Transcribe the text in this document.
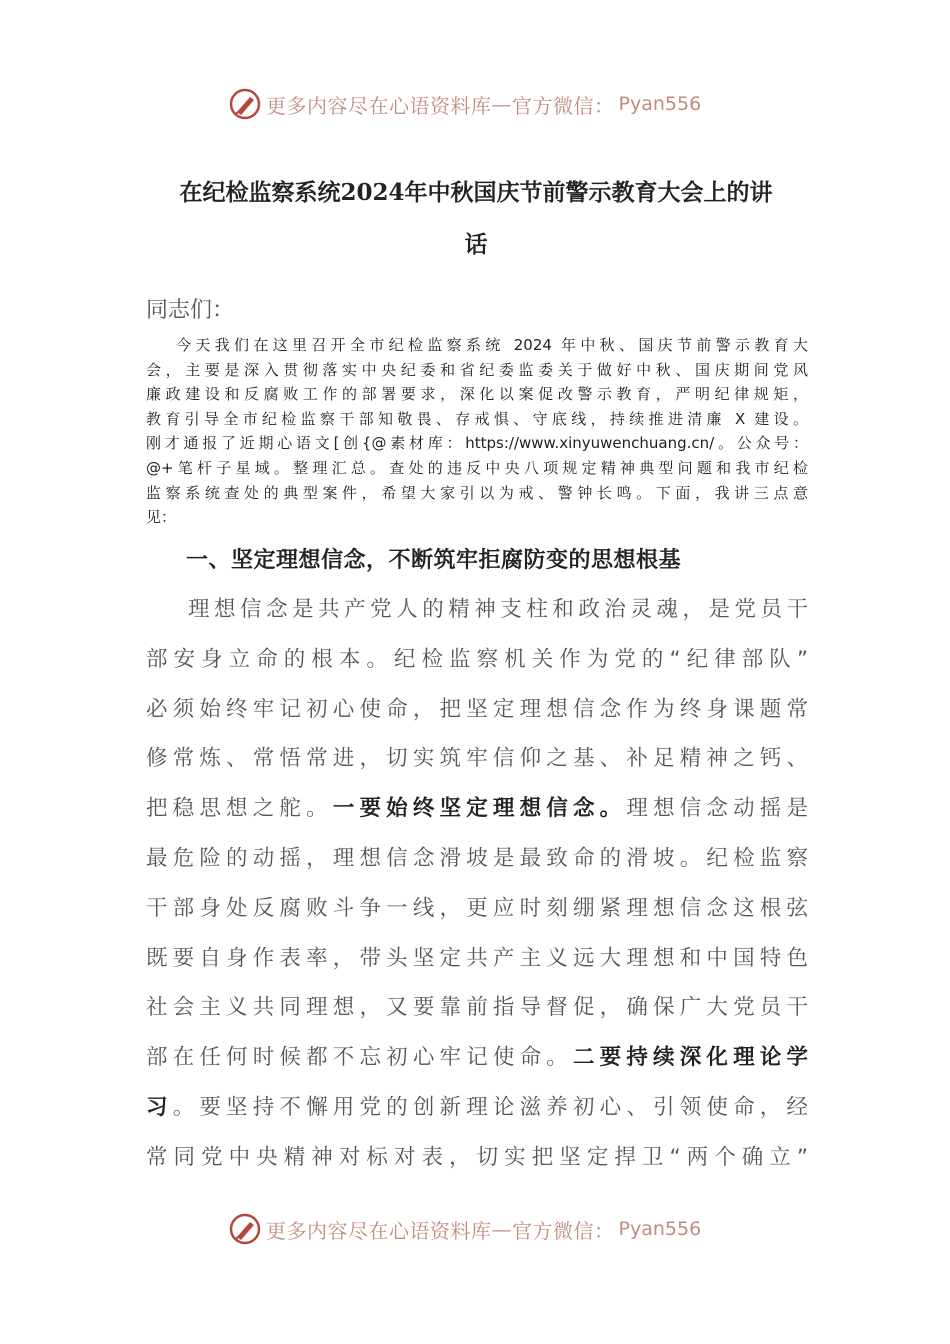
更多内容尽在心语资料库 — 官方微信： Pyan556
在纪检监察系统2024年中秋国庆节前警示教育大会上的讲
话
同志们：
今天我们在这里召开全市纪检监察系统 2024 年中秋、国庆节前警示教育大
会，主要是深入贯彻落实中央纪委和省纪委监委关于做好中秋、国庆期间党风
廉政建设和反腐败工作的部署要求，深化以案促改警示教育，严明纪律规矩，
教育引导全市纪检监察干部知敬畏、存戒惧、守底线，持续推进清廉 X 建设。
刚才通报了近期心语文[创{@素材库：https://www.xinyuwenchuang.cn/。公众号：
@+笔杆子星域。整理汇总。查处的违反中央八项规定精神典型问题和我市纪检
监察系统查处的典型案件，希望大家引以为戒、警钟长鸣。下面，我讲三点意
见：
一、坚定理想信念，不断筑牢拒腐防变的思想根基
理想信念是共产党人的精神支柱和政治灵魂，是党员干
部安身立命的根本。纪检监察机关作为党的“纪律部队”
必须始终牢记初心使命，把坚定理想信念作为终身课题常
修常炼、常悟常进，切实筑牢信仰之基、补足精神之钙、
把稳思想之舵。一要始终坚定理想信念。理想信念动摇是
最危险的动摇，理想信念滑坡是最致命的滑坡。纪检监察
干部身处反腐败斗争一线，更应时刻绷紧理想信念这根弦
既要自身作表率，带头坚定共产主义远大理想和中国特色
社会主义共同理想，又要靠前指导督促，确保广大党员干
部在任何时候都不忘初心牢记使命。二要持续深化理论学
习。要坚持不懈用党的创新理论滋养初心、引领使命，经
常同党中央精神对标对表，切实把坚定捍卫“两个确立”
更多内容尽在心语资料库 — 官方微信： Pyan556
